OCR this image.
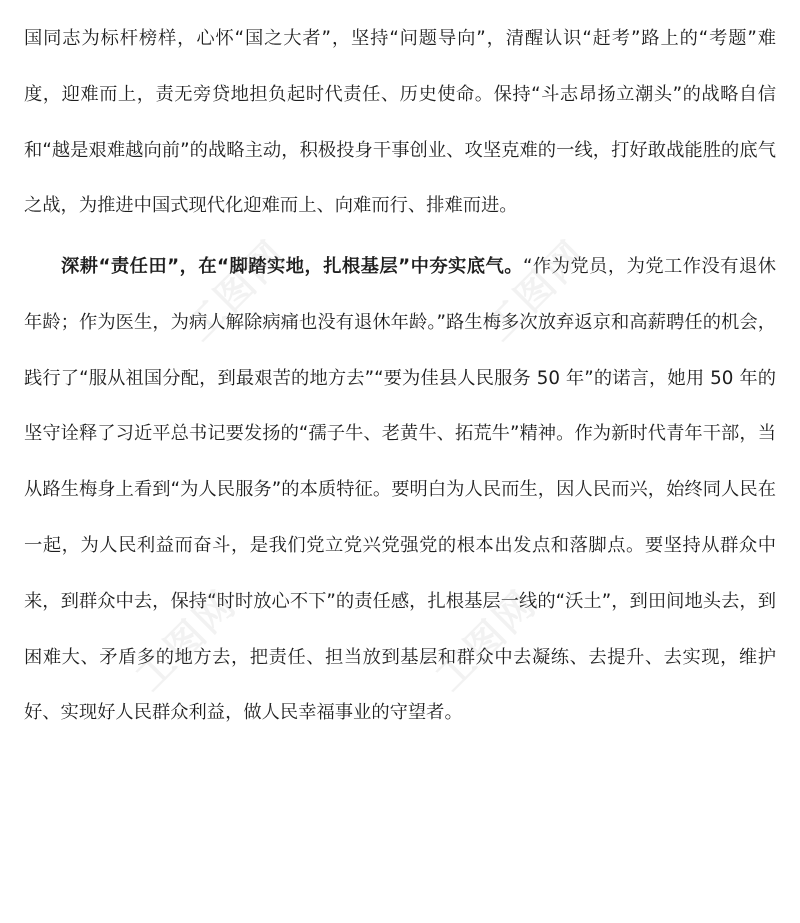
国同志为标杆榜样，心怀“国之大者”，坚持“问题导向”，清醒认识“赶考”路上的“考题”难度，迎难而上，责无旁贷地担负起时代责任、历史使命。保持“斗志昂扬立潮头”的战略自信和“越是艰难越向前”的战略主动，积极投身干事创业、攻坚克难的一线，打好敢战能胜的底气之战，为推进中国式现代化迎难而上、向难而行、排难而进。

深耕“责任田”，在“脚踏实地，扎根基层”中夯实底气。“作为党员，为党工作没有退休年龄；作为医生，为病人解除病痛也没有退休年龄。”路生梅多次放弃返京和高薪聘任的机会，践行了“服从祖国分配，到最艰苦的地方去”“要为佳县人民服务 50 年”的诺言，她用 50 年的坚守诠释了习近平总书记要发扬的“孺子牛、老黄牛、拓荒牛”精神。作为新时代青年干部，当从路生梅身上看到“为人民服务”的本质特征。要明白为人民而生，因人民而兴，始终同人民在一起，为人民利益而奋斗，是我们党立党兴党强党的根本出发点和落脚点。要坚持从群众中来，到群众中去，保持“时时放心不下”的责任感，扎根基层一线的“沃土”，到田间地头去，到困难大、矛盾多的地方去，把责任、担当放到基层和群众中去凝练、去提升、去实现，维护好、实现好人民群众利益，做人民幸福事业的守望者。

工图网	工图网
工图网	工图网
